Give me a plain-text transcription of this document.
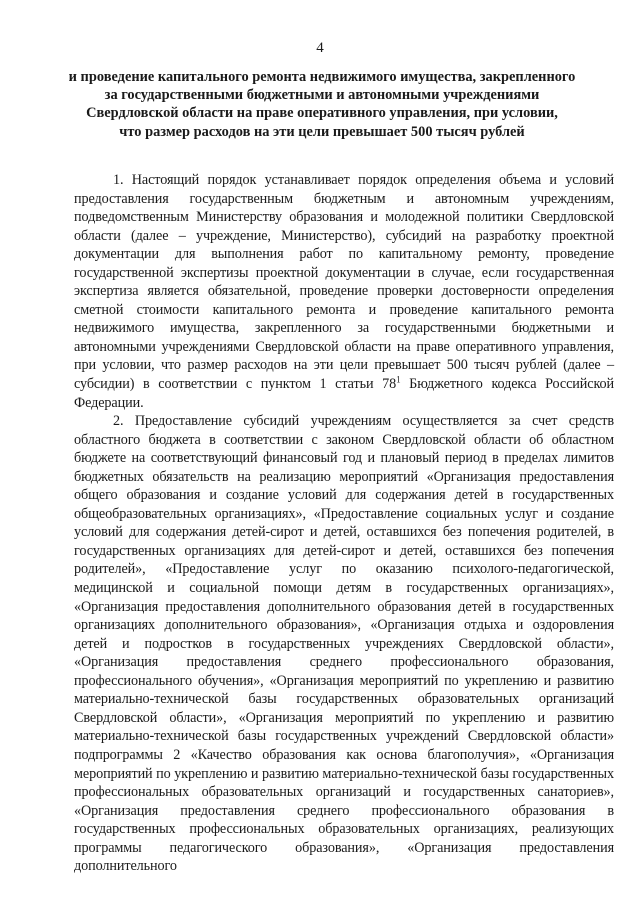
4
и проведение капитального ремонта недвижимого имущества, закрепленного
за государственными бюджетными и автономными учреждениями
Свердловской области на праве оперативного управления, при условии,
что размер расходов на эти цели превышает 500 тысяч рублей

1. Настоящий порядок устанавливает порядок определения объема и условий предоставления государственным бюджетным и автономным учреждениям, подведомственным Министерству образования и молодежной политики Свердловской области (далее – учреждение, Министерство), субсидий на разработку проектной документации для выполнения работ по капитальному ремонту, проведение государственной экспертизы проектной документации в случае, если государственная экспертиза является обязательной, проведение проверки достоверности определения сметной стоимости капитального ремонта и проведение капитального ремонта недвижимого имущества, закрепленного за государственными бюджетными и автономными учреждениями Свердловской области на праве оперативного управления, при условии, что размер расходов на эти цели превышает 500 тысяч рублей (далее – субсидии) в соответствии с пунктом 1 статьи $78^1$ Бюджетного кодекса Российской Федерации.

2. Предоставление субсидий учреждениям осуществляется за счет средств областного бюджета в соответствии с законом Свердловской области об областном бюджете на соответствующий финансовый год и плановый период в пределах лимитов бюджетных обязательств на реализацию мероприятий «Организация предоставления общего образования и создание условий для содержания детей в государственных общеобразовательных организациях», «Предоставление социальных услуг и создание условий для содержания детей-сирот и детей, оставшихся без попечения родителей, в государственных организациях для детей-сирот и детей, оставшихся без попечения родителей», «Предоставление услуг по оказанию психолого-педагогической, медицинской и социальной помощи детям в государственных организациях», «Организация предоставления дополнительного образования детей в государственных организациях дополнительного образования», «Организация отдыха и оздоровления детей и подростков в государственных учреждениях Свердловской области», «Организация предоставления среднего профессионального образования, профессионального обучения», «Организация мероприятий по укреплению и развитию материально-технической базы государственных образовательных организаций Свердловской области», «Организация мероприятий по укреплению и развитию материально-технической базы государственных учреждений Свердловской области» подпрограммы 2 «Качество образования как основа благополучия», «Организация мероприятий по укреплению и развитию материально-технической базы государственных профессиональных образовательных организаций и государственных санаториев», «Организация предоставления среднего профессионального образования в государственных профессиональных образовательных организациях, реализующих программы педагогического образования», «Организация предоставления дополнительного
